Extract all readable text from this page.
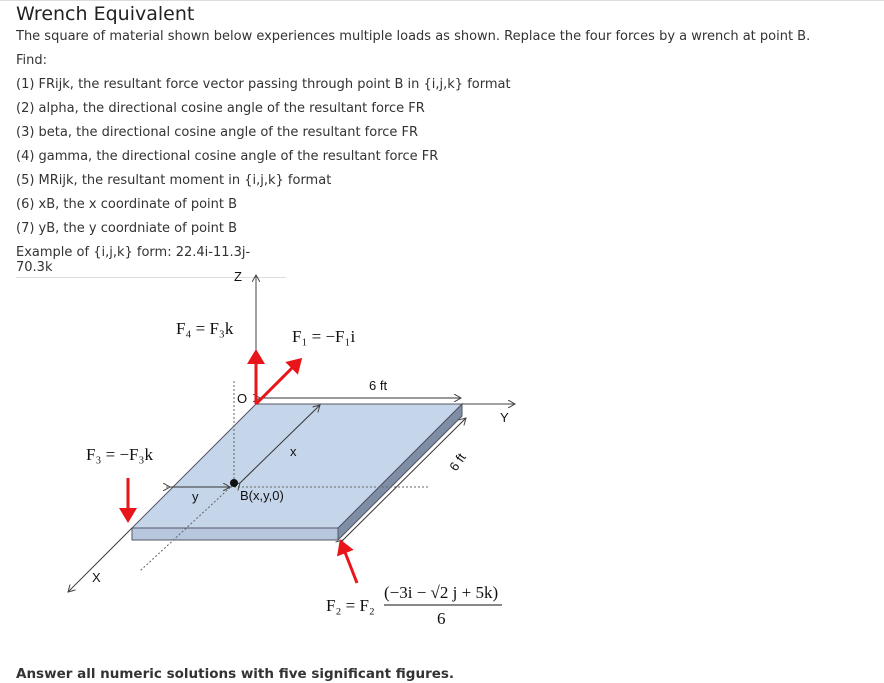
Wrench Equivalent
The square of material shown below experiences multiple loads as shown. Replace the four forces by a wrench at point B.
Find:
(1) FRijk, the resultant force vector passing through point B in {i,j,k} format
(2) alpha, the directional cosine angle of the resultant force FR
(3) beta, the directional cosine angle of the resultant force FR
(4) gamma, the directional cosine angle of the resultant force FR
(5) MRijk, the resultant moment in {i,j,k} format
(6) xB, the x coordinate of point B
(7) yB, the y coordniate of point B
Example of {i,j,k} form: 22.4i-11.3j-70.3k
Z
Y
X
O
6 ft
6 ft
x
y	B(x,y,0)
F₄ = F₃k	F₁ = −F₁i
F₃ = −F₃k
F₂ = F₂
(−3i − √2 j + 5k)
6
Answer all numeric solutions with five significant figures.
